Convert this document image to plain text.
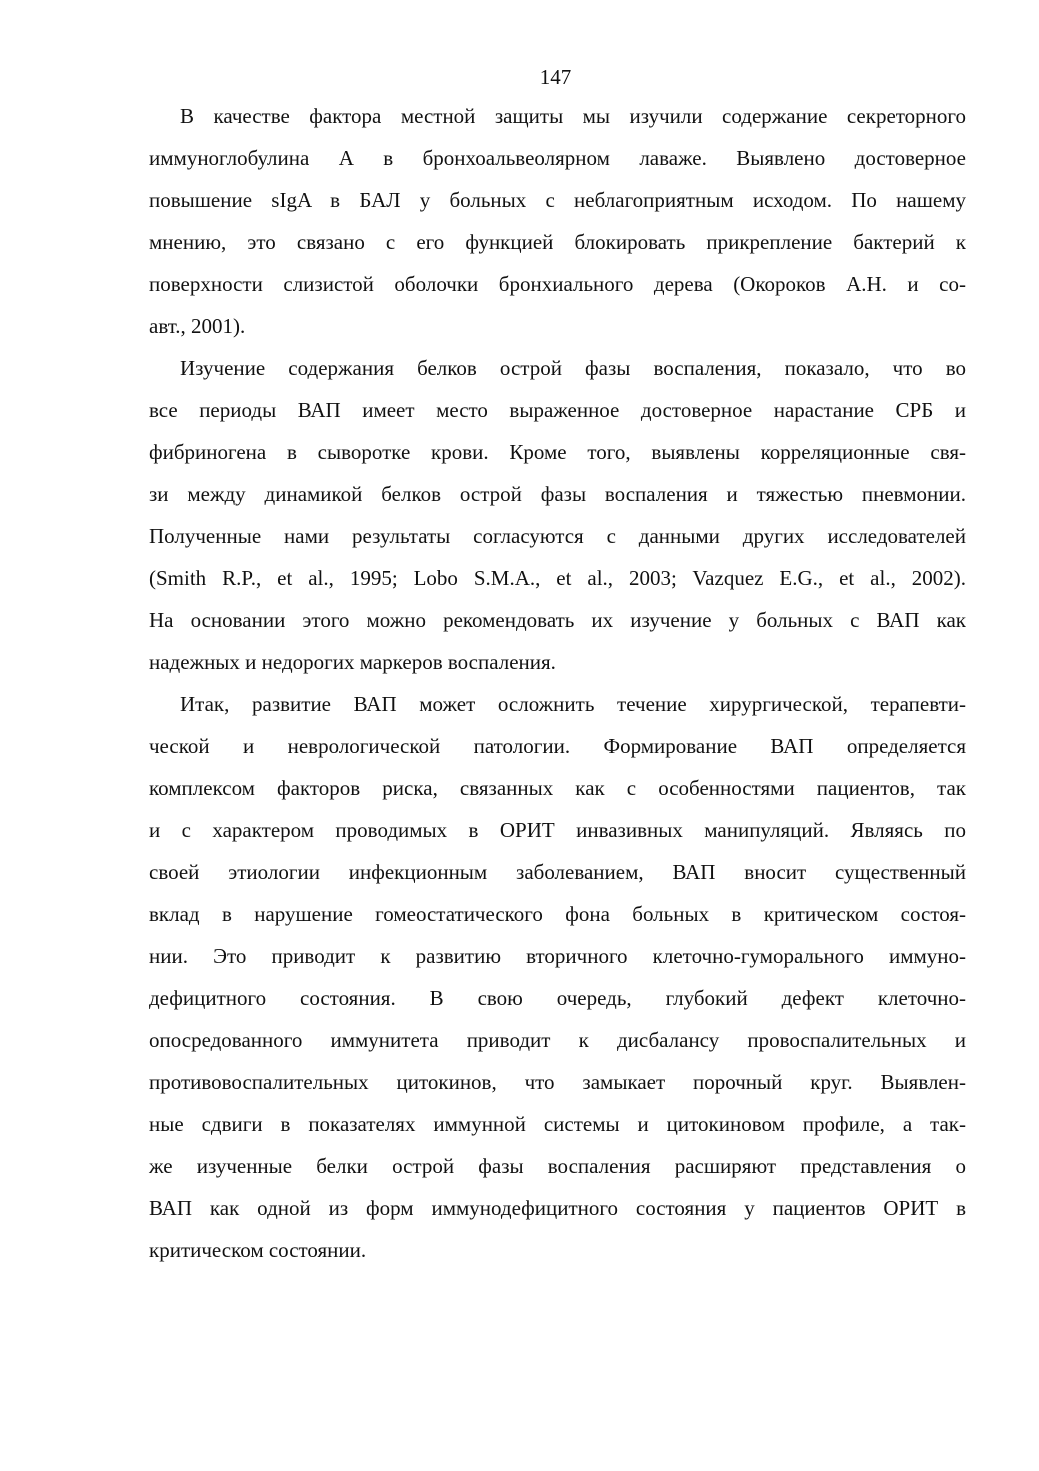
147
В качестве фактора местной защиты мы изучили содержание секреторного
иммуноглобулина А в бронхоальвеолярном лаваже. Выявлено достоверное
повышение sIgA в БАЛ у больных с неблагоприятным исходом. По нашему
мнению, это связано с его функцией блокировать прикрепление бактерий к
поверхности слизистой оболочки бронхиального дерева (Окороков А.Н. и со-
авт., 2001).
Изучение содержания белков острой фазы воспаления, показало, что во
все периоды ВАП имеет место выраженное достоверное нарастание СРБ и
фибриногена в сыворотке крови. Кроме того, выявлены корреляционные свя-
зи между динамикой белков острой фазы воспаления и тяжестью пневмонии.
Полученные нами результаты согласуются с данными других исследователей
(Smith R.P., et al., 1995; Lobo S.M.A., et al., 2003; Vazquez E.G., et al., 2002).
На основании этого можно рекомендовать их изучение у больных с ВАП как
надежных и недорогих маркеров воспаления.
Итак, развитие ВАП может осложнить течение хирургической, терапевти-
ческой и неврологической патологии. Формирование ВАП определяется
комплексом факторов риска, связанных как с особенностями пациентов, так
и с характером проводимых в ОРИТ инвазивных манипуляций. Являясь по
своей этиологии инфекционным заболеванием, ВАП вносит существенный
вклад в нарушение гомеостатического фона больных в критическом состоя-
нии. Это приводит к развитию вторичного клеточно-гуморального иммуно-
дефицитного состояния. В свою очередь, глубокий дефект клеточно-
опосредованного иммунитета приводит к дисбалансу провоспалительных и
противовоспалительных цитокинов, что замыкает порочный круг. Выявлен-
ные сдвиги в показателях иммунной системы и цитокиновом профиле, а так-
же изученные белки острой фазы воспаления расширяют представления о
ВАП как одной из форм иммунодефицитного состояния у пациентов ОРИТ в
критическом состоянии.
